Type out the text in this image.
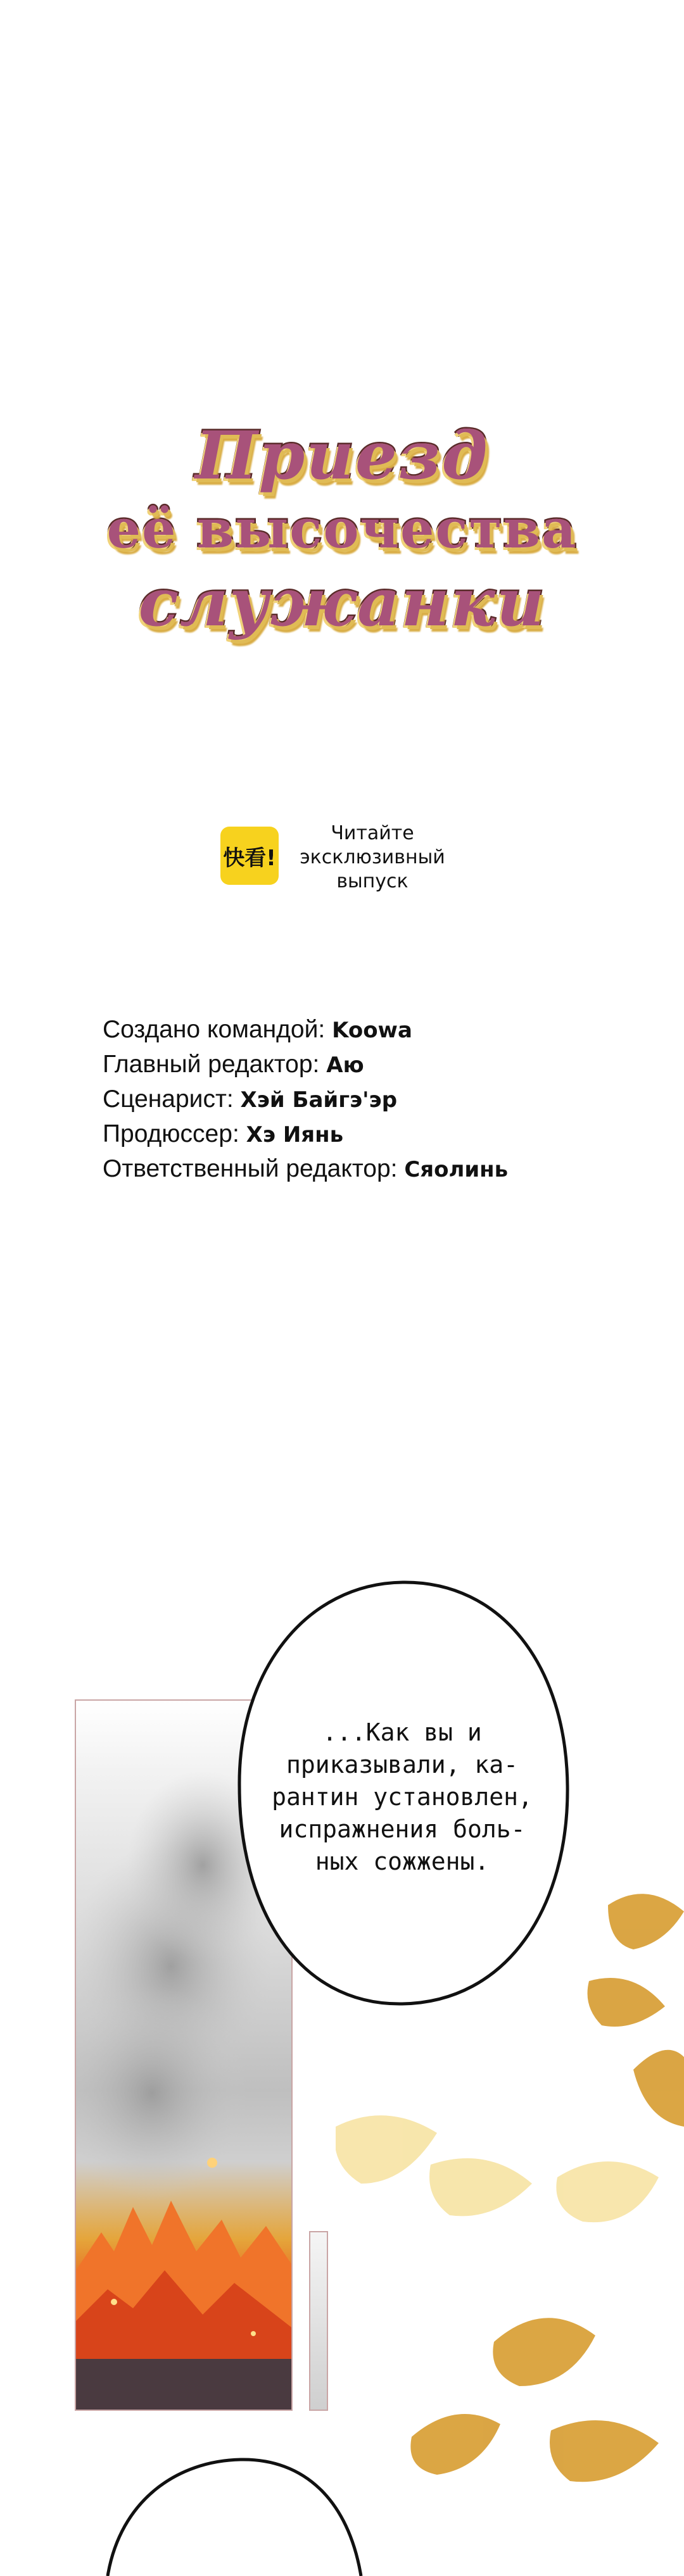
Приезд
её высочества
служанки
快看!
Читайте
эксклюзивный
выпуск
Создано командой: Koowa
Главный редактор: Аю
Сценарист: Хэй Байгэ'эр
Продюссер: Хэ Иянь
Ответственный редактор: Сяолинь
...Как вы и
приказывали, ка-
рантин установлен,
испражнения боль-
ных сожжены.
